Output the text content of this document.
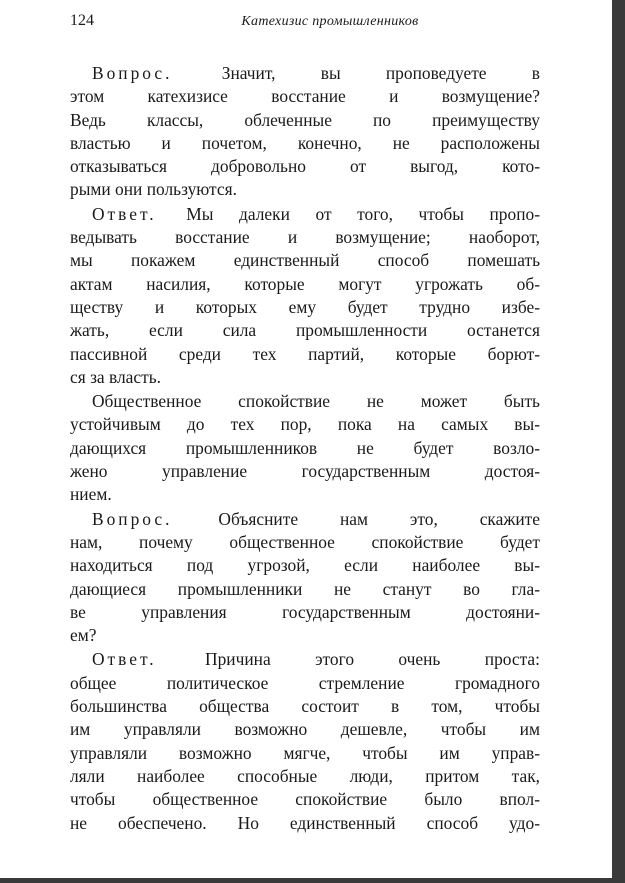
124	Катехизис промышленников
Вопрос.	Значит, вы проповедуете в
этом катехизисе восстание и возмущение?
Ведь классы, облеченные по преимуществу
властью и почетом, конечно, не расположены
отказываться добровольно от выгод, кото-
рыми они пользуются.
Ответ. Мы далеки от того, чтобы пропо-
ведывать восстание и возмущение; наоборот,
мы покажем единственный способ помешать
актам насилия, которые могут угрожать об-
ществу и которых ему будет трудно избе-
жать, если сила промышленности останется
пассивной среди тех партий, которые борют-
ся за власть.
Общественное спокойствие не может быть
устойчивым до тех пор, пока на самых вы-
дающихся промышленников не будет возло-
жено управление государственным достоя-
нием.
Вопрос.	Объясните нам это, скажите
нам, почему общественное спокойствие будет
находиться под угрозой, если наиболее вы-
дающиеся промышленники не станут во гла-
ве управления государственным достояни-
ем?
Ответ.	Причина этого очень проста:
общее политическое стремление громадного
большинства общества состоит в том, чтобы
им управляли возможно дешевле, чтобы им
управляли возможно мягче, чтобы им управ-
ляли наиболее способные люди, притом так,
чтобы общественное спокойствие было впол-
не обеспечено. Но единственный способ удо-
